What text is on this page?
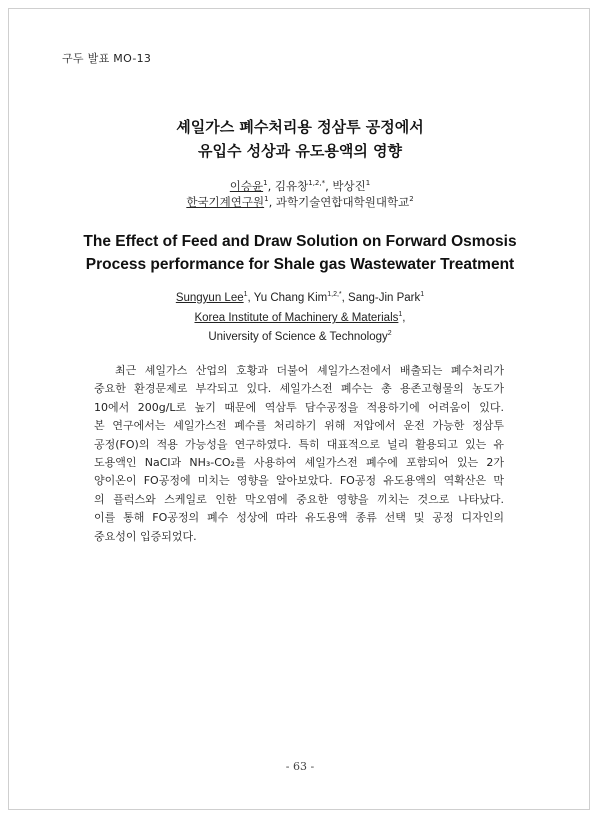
구두 발표 MO-13
셰일가스 폐수처리용 정삼투 공정에서
유입수 성상과 유도용액의 영향
이승윤$^1$, 김유창$^{1,2,*}$, 박상진$^1$
한국기계연구원$^1$, 과학기술연합대학원대학교$^2$
The Effect of Feed and Draw Solution on Forward Osmosis
Process performance for Shale gas Wastewater Treatment
Sungyun Lee$^1$, Yu Chang Kim$^{1,2,*}$, Sang-Jin Park$^1$
Korea Institute of Machinery & Materials$^1$,
University of Science & Technology$^2$
최근 셰일가스 산업의 호황과 더불어 셰일가스전에서 배출되는 폐수처리가
중요한 환경문제로 부각되고 있다. 셰일가스전 폐수는 총 용존고형물의 농도가
10에서 200g/L로 높기 때문에 역삼투 담수공정을 적용하기에 어려움이 있다.
본 연구에서는 셰일가스전 폐수를 처리하기 위해 저압에서 운전 가능한 정삼투
공정(FO)의 적용 가능성을 연구하였다. 특히 대표적으로 널리 활용되고 있는 유
도용액인 NaCl과 NH₃-CO₂를 사용하여 셰일가스전 폐수에 포함되어 있는 2가
양이온이 FO공정에 미치는 영향을 알아보았다. FO공정 유도용액의 역확산은 막
의 플럭스와 스케일로 인한 막오염에 중요한 영향을 끼치는 것으로 나타났다.
이를 통해 FO공정의 폐수 성상에 따라 유도용액 종류 선택 및 공정 디자인의
중요성이 입증되었다.
- 63 -
